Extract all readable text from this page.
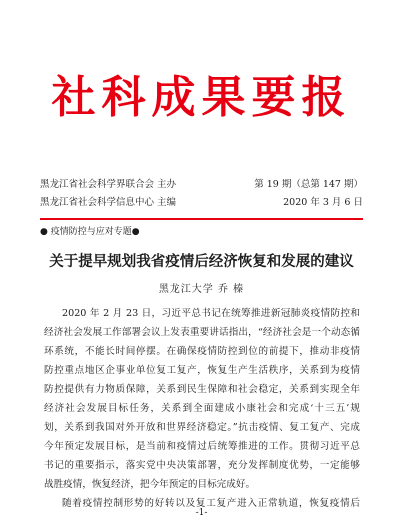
社科成果要报
黑龙江省社会科学界联合会 主办	第 19 期（总第 147 期）
黑龙江省社会科学信息中心 主编	2020 年 3 月 6 日
● 疫情防控与应对专题●
关于提早规划我省疫情后经济恢复和发展的建议
黑龙江大学 乔 榛
2020 年 2 月 23 日，习近平总书记在统筹推进新冠肺炎疫情防控和
经济社会发展工作部署会议上发表重要讲话指出，“经济社会是一个动态循
环系统，不能长时间停摆。在确保疫情防控到位的前提下，推动非疫情
防控重点地区企事业单位复工复产，恢复生产生活秩序，关系到为疫情
防控提供有力物质保障，关系到民生保障和社会稳定，关系到实现全年
经济社会发展目标任务，关系到全面建成小康社会和完成‘十三五’规
划，关系到我国对外开放和世界经济稳定。”抗击疫情、复工复产、完成
今年预定发展目标，是当前和疫情过后统筹推进的工作。贯彻习近平总
书记的重要指示，落实党中央决策部署，充分发挥制度优势，一定能够
战胜疫情，恢复经济，把今年预定的目标完成好。
随着疫情控制形势的好转以及复工复产进入正常轨道，恢复疫情后
-1-
